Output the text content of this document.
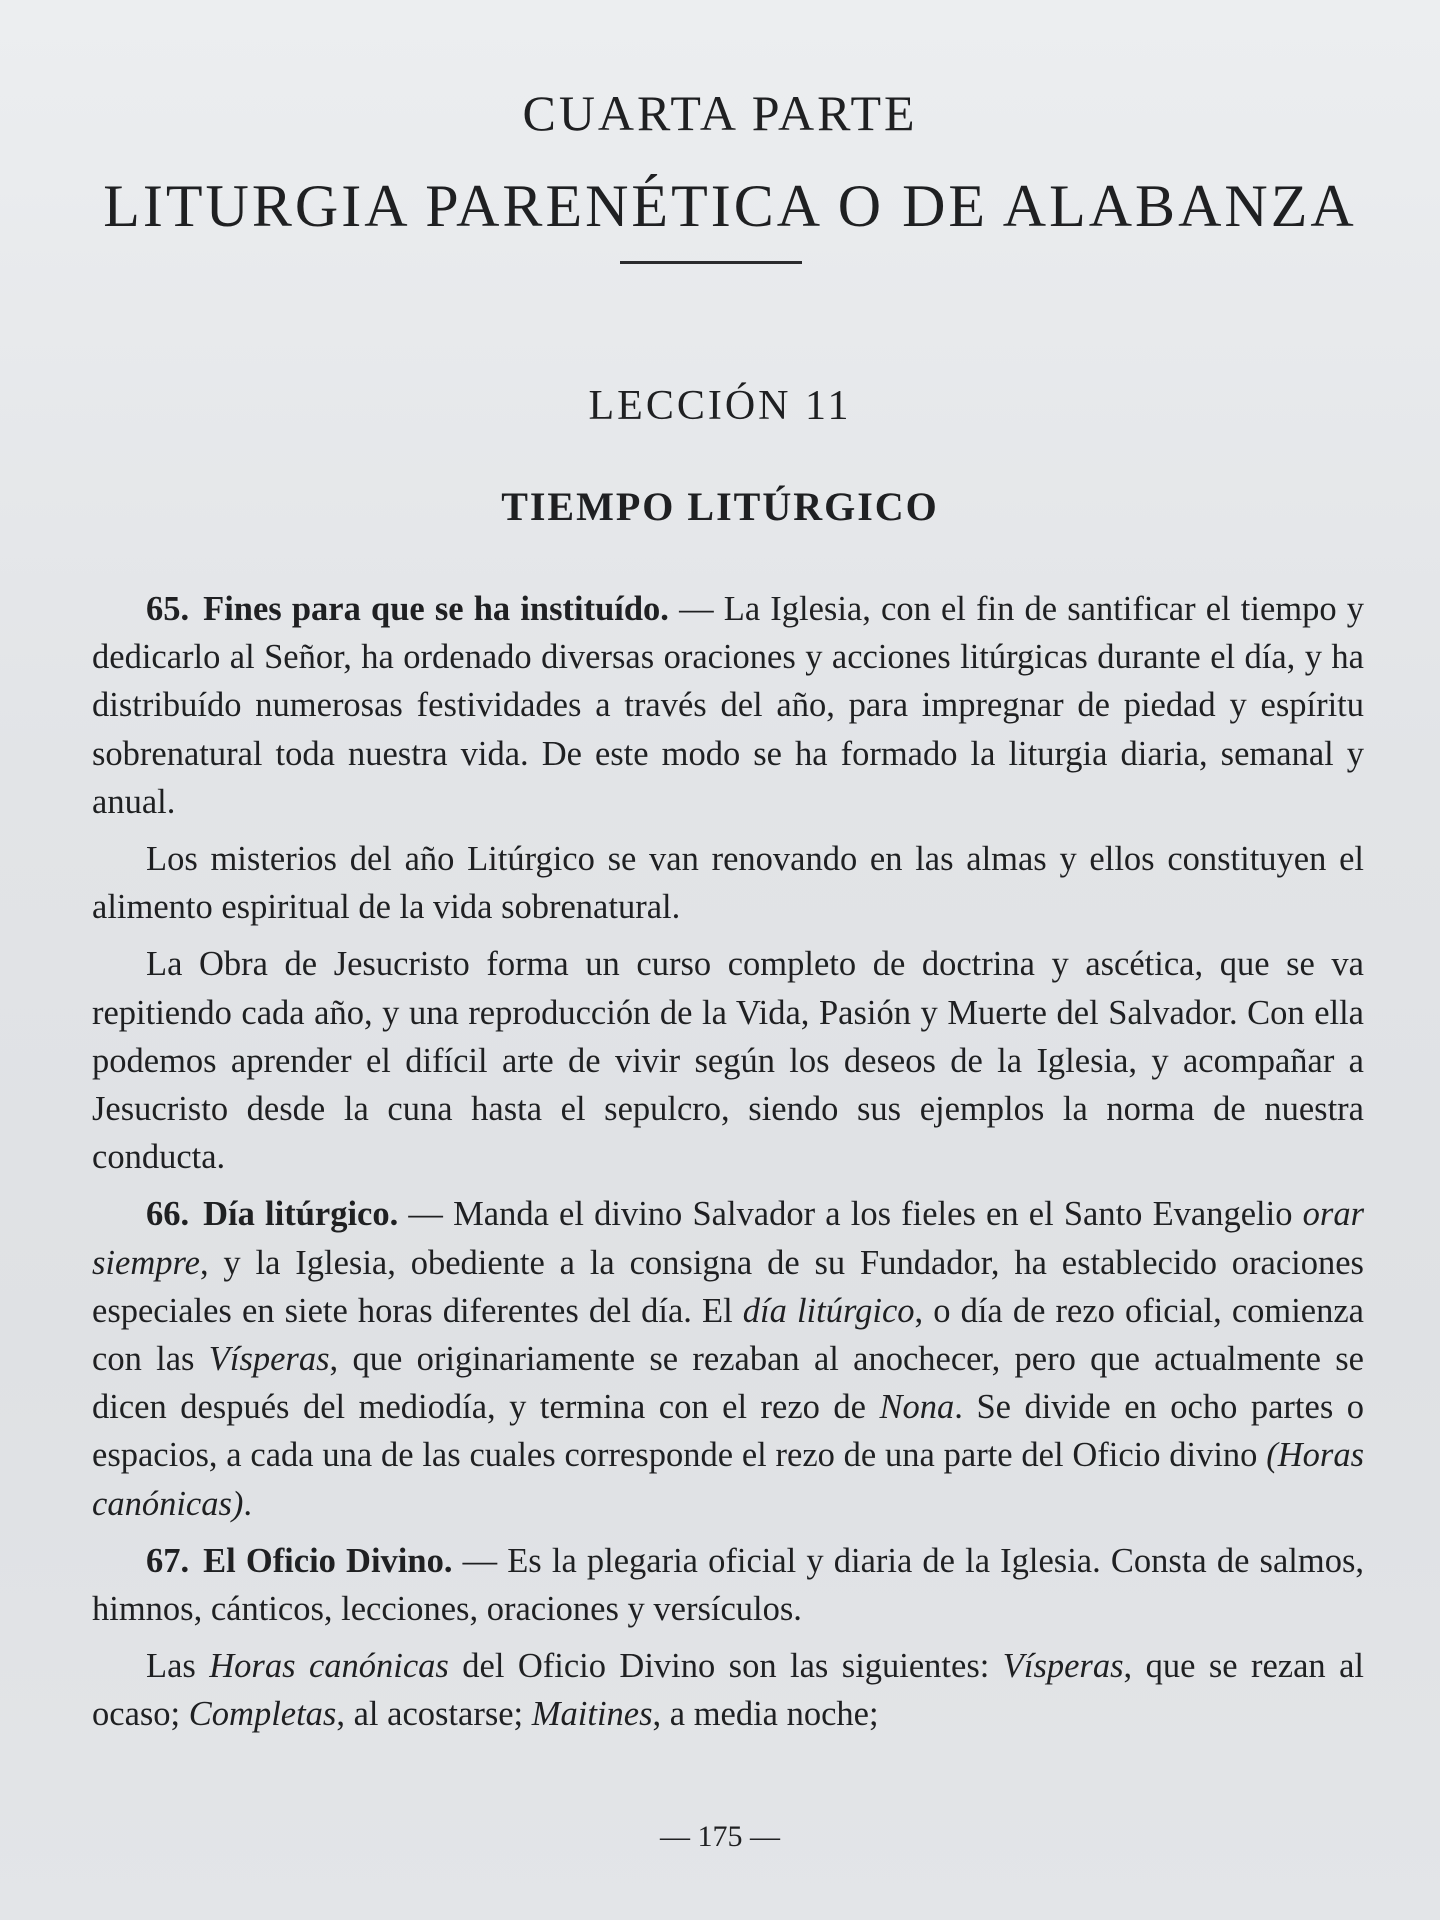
CUARTA PARTE
LITURGIA PARENÉTICA O DE ALABANZA
LECCIÓN 11
TIEMPO LITÚRGICO

65. Fines para que se ha instituído. — La Iglesia, con el fin de santificar el tiempo y dedicarlo al Señor, ha ordenado diversas oraciones y acciones litúrgicas durante el día, y ha distribuído numerosas festividades a través del año, para impregnar de piedad y espíritu sobrenatural toda nuestra vida. De este modo se ha formado la liturgia diaria, semanal y anual.

Los misterios del año Litúrgico se van renovando en las almas y ellos constituyen el alimento espiritual de la vida sobrenatural.

La Obra de Jesucristo forma un curso completo de doctrina y ascética, que se va repitiendo cada año, y una reproducción de la Vida, Pasión y Muerte del Salvador. Con ella podemos aprender el difícil arte de vivir según los deseos de la Iglesia, y acompañar a Jesucristo desde la cuna hasta el sepulcro, siendo sus ejemplos la norma de nuestra conducta.

66. Día litúrgico. — Manda el divino Salvador a los fieles en el Santo Evangelio orar siempre, y la Iglesia, obediente a la consigna de su Fundador, ha establecido oraciones especiales en siete horas diferentes del día. El día litúrgico, o día de rezo oficial, comienza con las Vísperas, que originariamente se rezaban al anochecer, pero que actualmente se dicen después del mediodía, y termina con el rezo de Nona. Se divide en ocho partes o espacios, a cada una de las cuales corresponde el rezo de una parte del Oficio divino (Horas canónicas).

67. El Oficio Divino. — Es la plegaria oficial y diaria de la Iglesia. Consta de salmos, himnos, cánticos, lecciones, oraciones y versículos.

Las Horas canónicas del Oficio Divino son las siguientes: Vísperas, que se rezan al ocaso; Completas, al acostarse; Maitines, a media noche;

— 175 —
